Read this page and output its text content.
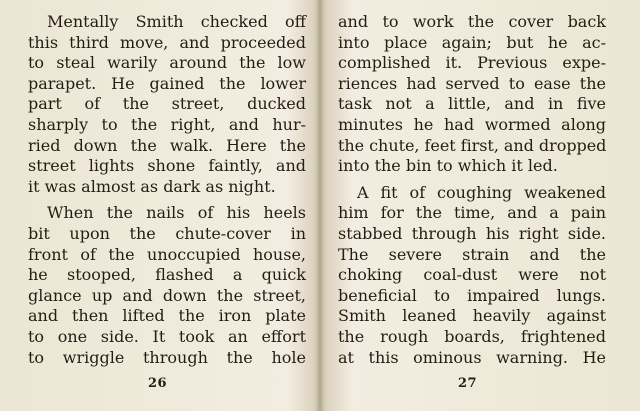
Mentally Smith checked off
this third move, and proceeded
to steal warily around the low
parapet. He gained the lower
part of the street, ducked
sharply to the right, and hur-
ried down the walk. Here the
street lights shone faintly, and
it was almost as dark as night.
When the nails of his heels
bit upon the chute-cover in
front of the unoccupied house,
he stooped, flashed a quick
glance up and down the street,
and then lifted the iron plate
to one side. It took an effort
to wriggle through the hole
26
and to work the cover back
into place again; but he ac-
complished it. Previous expe-
riences had served to ease the
task not a little, and in five
minutes he had wormed along
the chute, feet first, and dropped
into the bin to which it led.
A fit of coughing weakened
him for the time, and a pain
stabbed through his right side.
The severe strain and the
choking coal-dust were not
beneficial to impaired lungs.
Smith leaned heavily against
the rough boards, frightened
at this ominous warning. He
27
